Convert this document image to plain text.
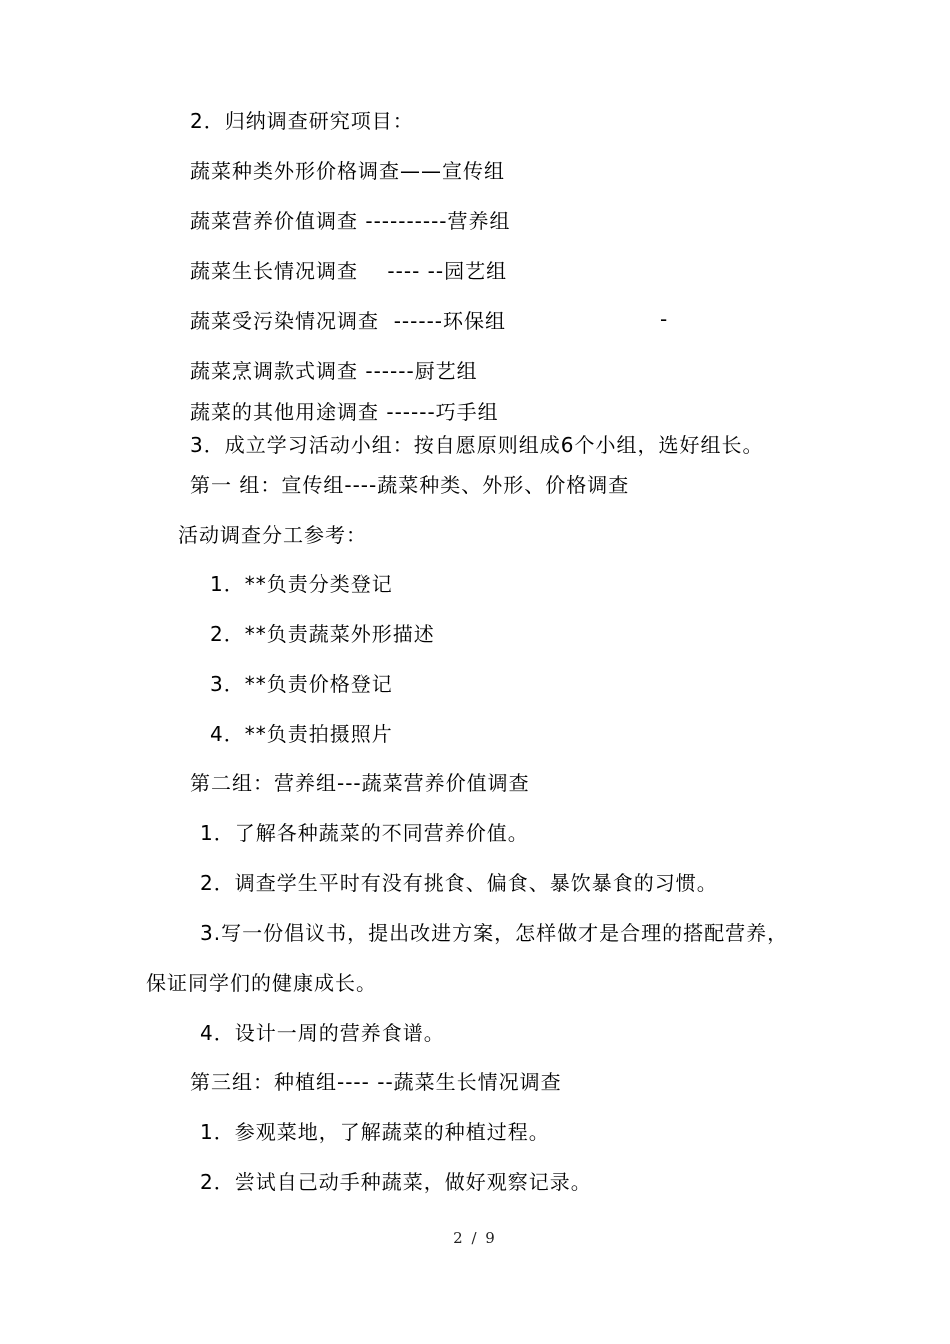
2．归纳调查研究项目：
蔬菜种类外形价格调查——宣传组
蔬菜营养价值调查 ----------营养组
蔬菜生长情况调查    ---- --园艺组
蔬菜受污染情况调查  ------环保组	-
蔬菜烹调款式调查 ------厨艺组
蔬菜的其他用途调查 ------巧手组
3．成立学习活动小组：按自愿原则组成6个小组，选好组长。
第一 组：宣传组----蔬菜种类、外形、价格调查
活动调查分工参考：
1．**负责分类登记
2．**负责蔬菜外形描述
3．**负责价格登记
4．**负责拍摄照片
第二组：营养组---蔬菜营养价值调查
1．了解各种蔬菜的不同营养价值。
2．调查学生平时有没有挑食、偏食、暴饮暴食的习惯。
3.写一份倡议书，提出改进方案，怎样做才是合理的搭配营养，
保证同学们的健康成长。
4．设计一周的营养食谱。
第三组：种植组---- --蔬菜生长情况调查
1．参观菜地，了解蔬菜的种植过程。
2．尝试自己动手种蔬菜，做好观察记录。
2 / 9
